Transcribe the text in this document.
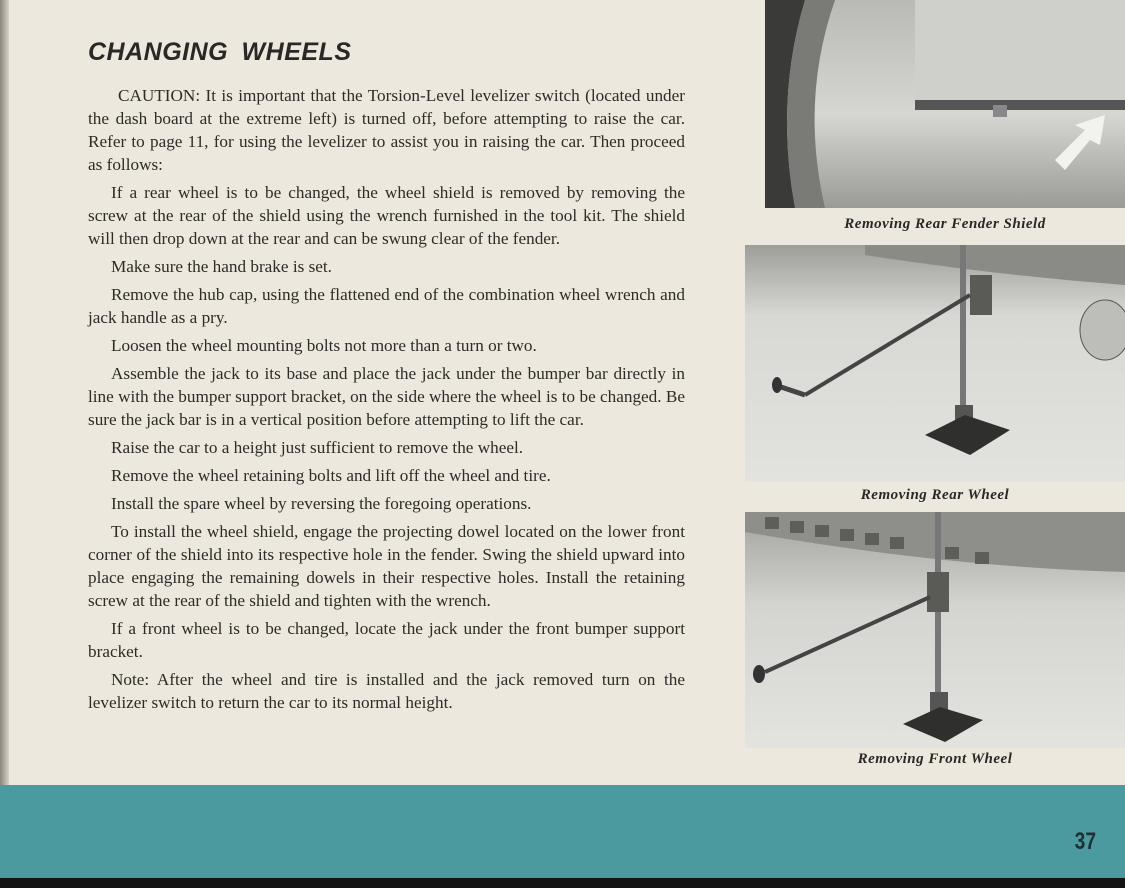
CHANGING WHEELS

CAUTION: It is important that the Torsion-Level levelizer switch (located under the dash board at the extreme left) is turned off, before attempting to raise the car. Refer to page 11, for using the levelizer to assist you in raising the car. Then proceed as follows:

If a rear wheel is to be changed, the wheel shield is removed by removing the screw at the rear of the shield using the wrench furnished in the tool kit. The shield will then drop down at the rear and can be swung clear of the fender.

Make sure the hand brake is set.

Remove the hub cap, using the flattened end of the combination wheel wrench and jack handle as a pry.

Loosen the wheel mounting bolts not more than a turn or two.

Assemble the jack to its base and place the jack under the bumper bar directly in line with the bumper support bracket, on the side where the wheel is to be changed. Be sure the jack bar is in a vertical position before attempting to lift the car.

Raise the car to a height just sufficient to remove the wheel.

Remove the wheel retaining bolts and lift off the wheel and tire.

Install the spare wheel by reversing the foregoing operations.

To install the wheel shield, engage the projecting dowel located on the lower front corner of the shield into its respective hole in the fender. Swing the shield upward into place engaging the remaining dowels in their respective holes. Install the retaining screw at the rear of the shield and tighten with the wrench.

If a front wheel is to be changed, locate the jack under the front bumper support bracket.

Note: After the wheel and tire is installed and the jack removed turn on the levelizer switch to return the car to its normal height.

Removing Rear Fender Shield
Removing Rear Wheel
Removing Front Wheel
37
